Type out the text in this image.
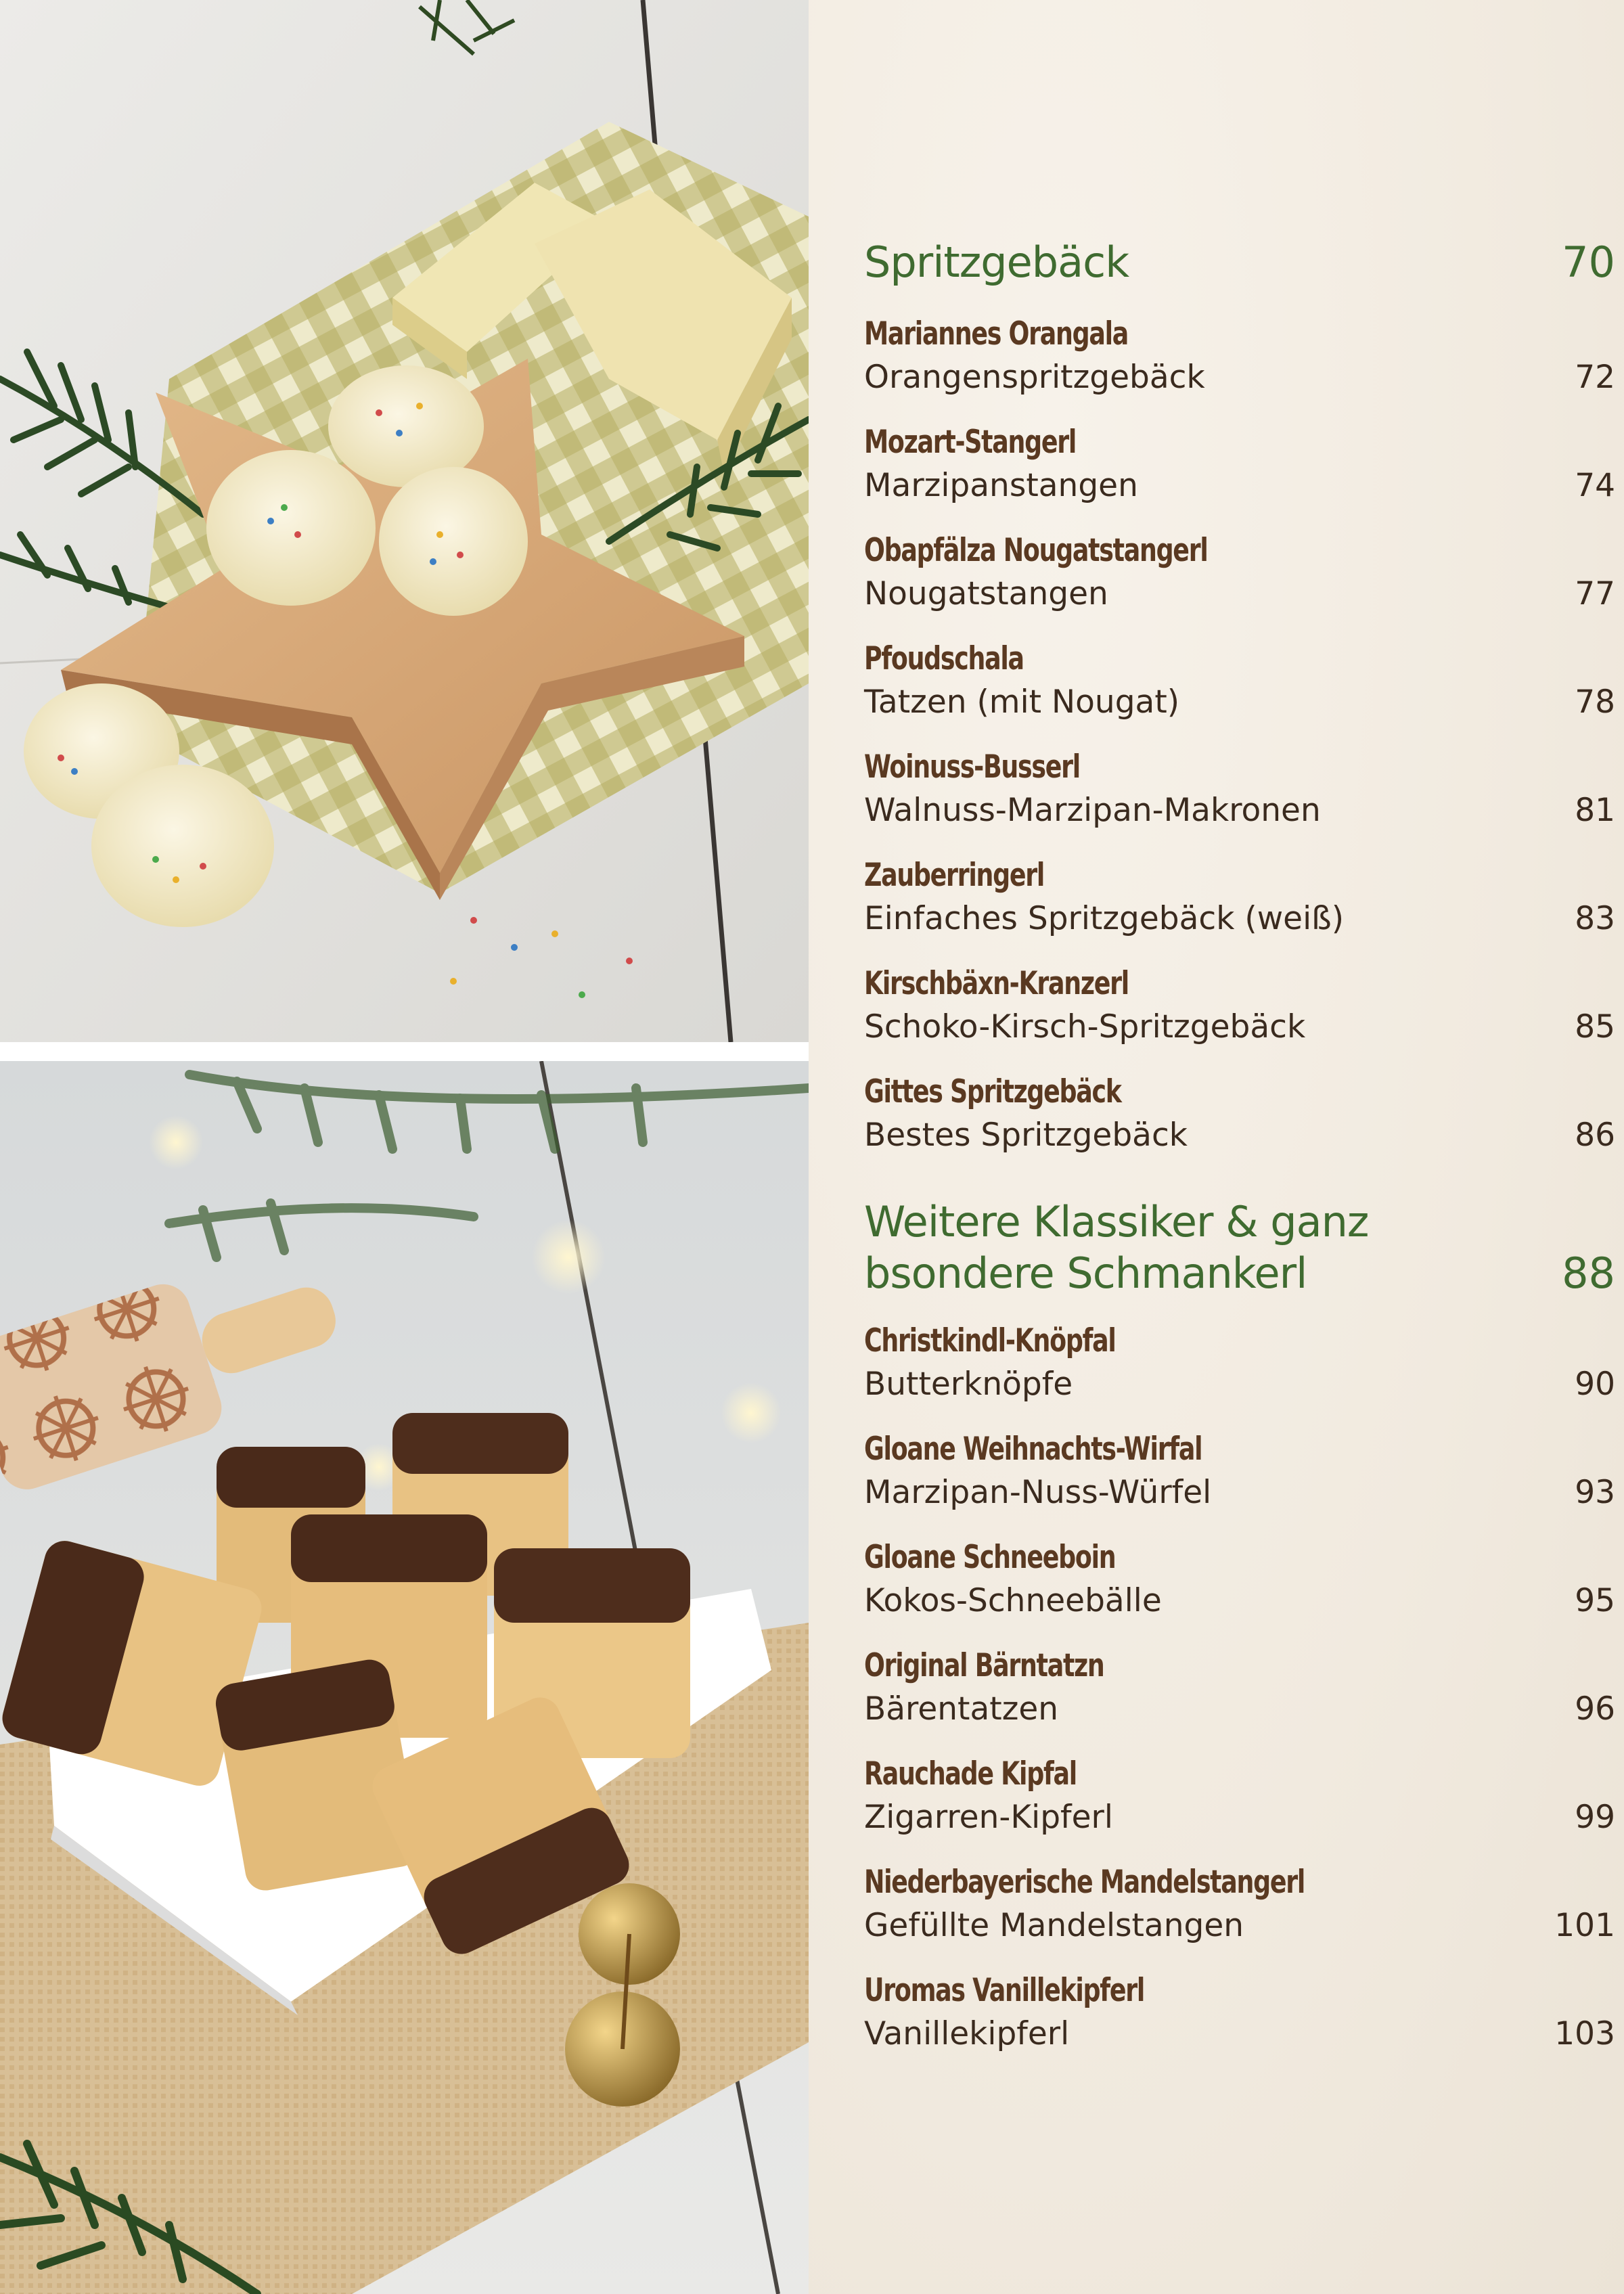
Spritzgebäck	70
Mariannes Orangala
Orangenspritzgebäck	72
Mozart-Stangerl
Marzipanstangen	74
Obapfälza Nougatstangerl
Nougatstangen	77
Pfoudschala
Tatzen (mit Nougat)	78
Woinuss-Busserl
Walnuss-Marzipan-Makronen	81
Zauberringerl
Einfaches Spritzgebäck (weiß)	83
Kirschbäxn-Kranzerl
Schoko-Kirsch-Spritzgebäck	85
Gittes Spritzgebäck
Bestes Spritzgebäck	86
Weitere Klassiker & ganz
bsondere Schmankerl	88
Christkindl-Knöpfal
Butterknöpfe	90
Gloane Weihnachts-Wirfal
Marzipan-Nuss-Würfel	93
Gloane Schneeboin
Kokos-Schneebälle	95
Original Bärntatzn
Bärentatzen	96
Rauchade Kipfal
Zigarren-Kipferl	99
Niederbayerische Mandelstangerl
Gefüllte Mandelstangen	101
Uromas Vanillekipferl
Vanillekipferl	103
